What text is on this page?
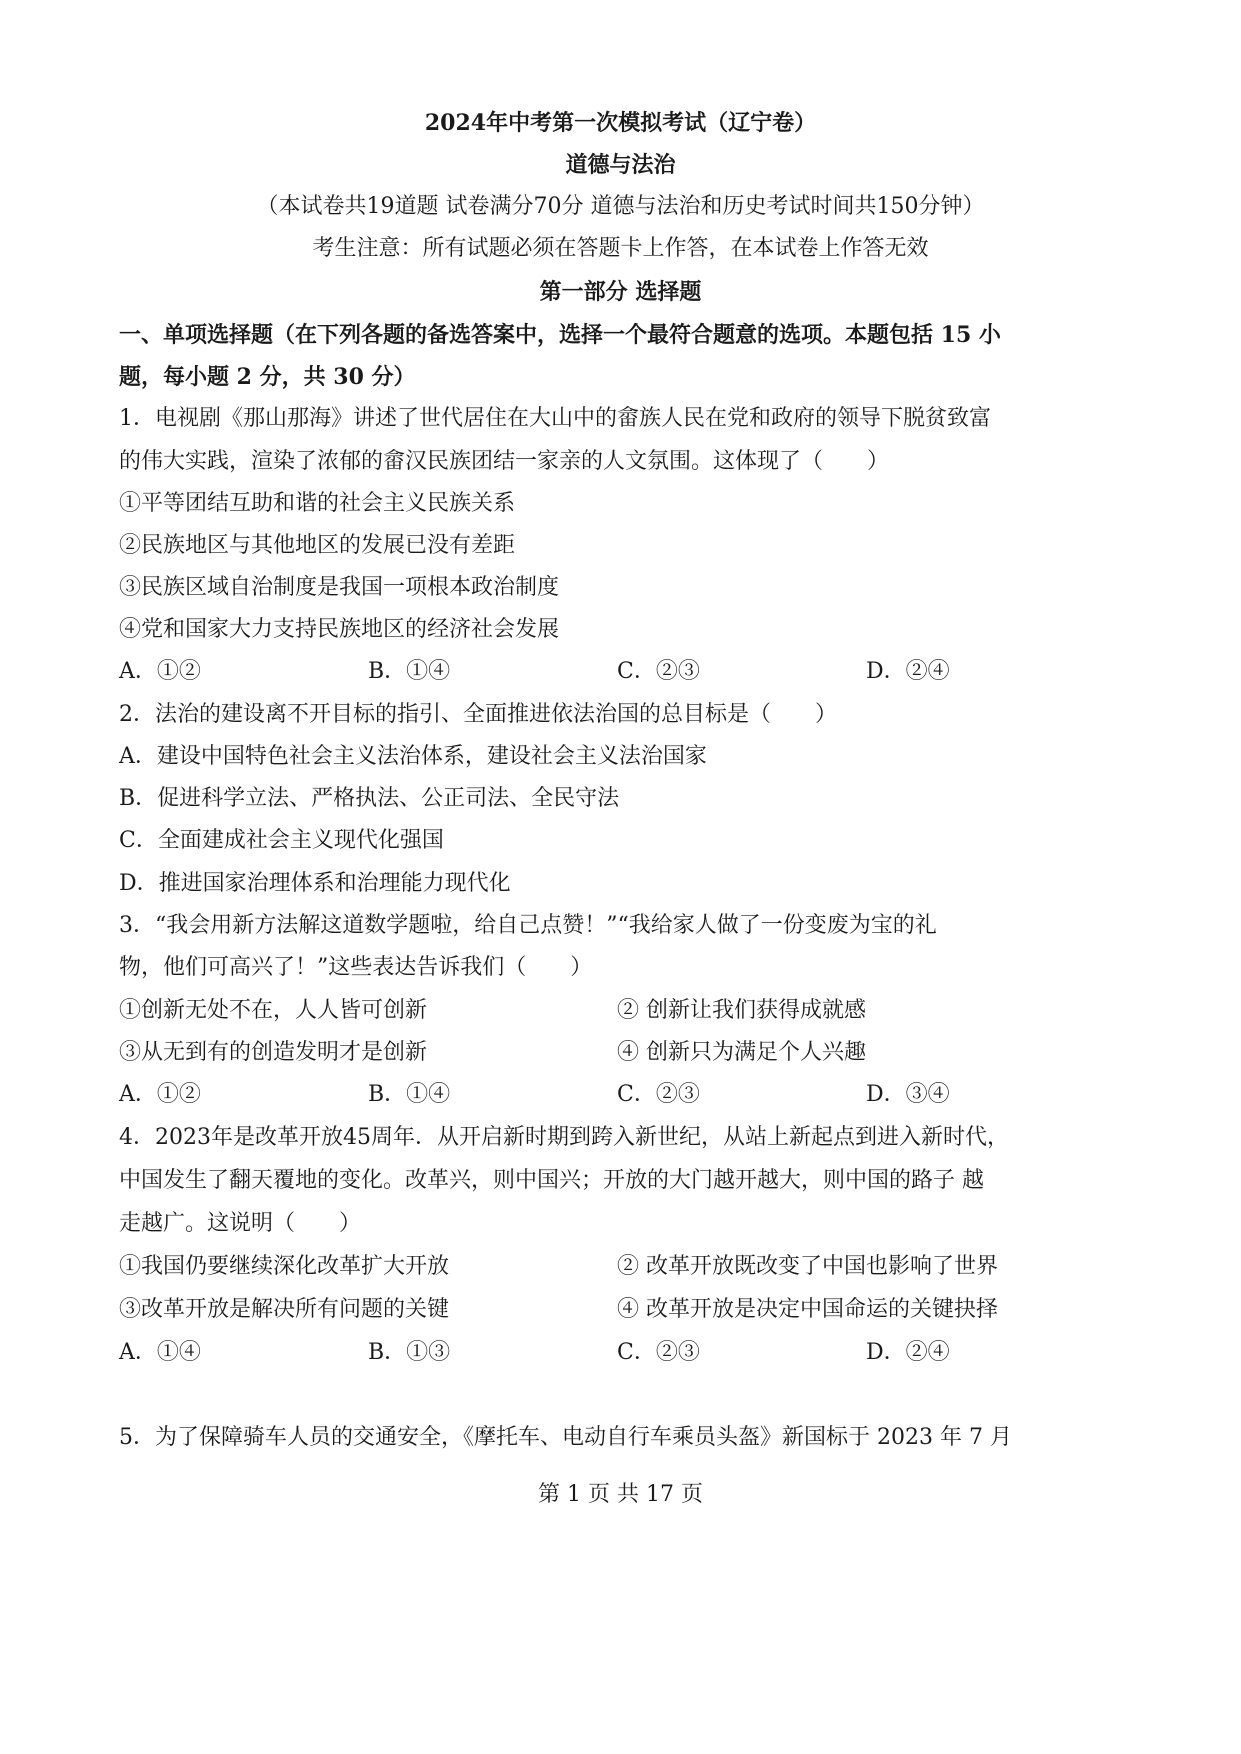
2024年中考第一次模拟考试（辽宁卷）
道德与法治
（本试卷共19道题 试卷满分70分 道德与法治和历史考试时间共150分钟）
考生注意：所有试题必须在答题卡上作答，在本试卷上作答无效
第一部分 选择题
一、单项选择题（在下列各题的备选答案中，选择一个最符合题意的选项。本题包括 15 小
题，每小题 2 分，共 30 分）
1．电视剧《那山那海》讲述了世代居住在大山中的畲族人民在党和政府的领导下脱贫致富
的伟大实践，渲染了浓郁的畲汉民族团结一家亲的人文氛围。这体现了（　　）
①平等团结互助和谐的社会主义民族关系
②民族地区与其他地区的发展已没有差距
③民族区域自治制度是我国一项根本政治制度
④党和国家大力支持民族地区的经济社会发展
A．①②	B．①④	C．②③	D．②④
2．法治的建设离不开目标的指引、全面推进依法治国的总目标是（　　）
A．建设中国特色社会主义法治体系，建设社会主义法治国家
B．促进科学立法、严格执法、公正司法、全民守法
C．全面建成社会主义现代化强国
D．推进国家治理体系和治理能力现代化
3．“我会用新方法解这道数学题啦，给自己点赞！”“我给家人做了一份变废为宝的礼
物，他们可高兴了！”这些表达告诉我们（　　）
①创新无处不在，人人皆可创新	② 创新让我们获得成就感
③从无到有的创造发明才是创新	④ 创新只为满足个人兴趣
A．①②	B．①④	C．②③	D．③④
4．2023年是改革开放45周年．从开启新时期到跨入新世纪，从站上新起点到进入新时代，
中国发生了翻天覆地的变化。改革兴，则中国兴；开放的大门越开越大，则中国的路子 越
走越广。这说明（　　）
①我国仍要继续深化改革扩大开放	② 改革开放既改变了中国也影响了世界
③改革开放是解决所有问题的关键	④ 改革开放是决定中国命运的关键抉择
A．①④	B．①③	C．②③	D．②④
5．为了保障骑车人员的交通安全，《摩托车、电动自行车乘员头盔》新国标于 2023 年 7 月
第 1 页 共 17 页
